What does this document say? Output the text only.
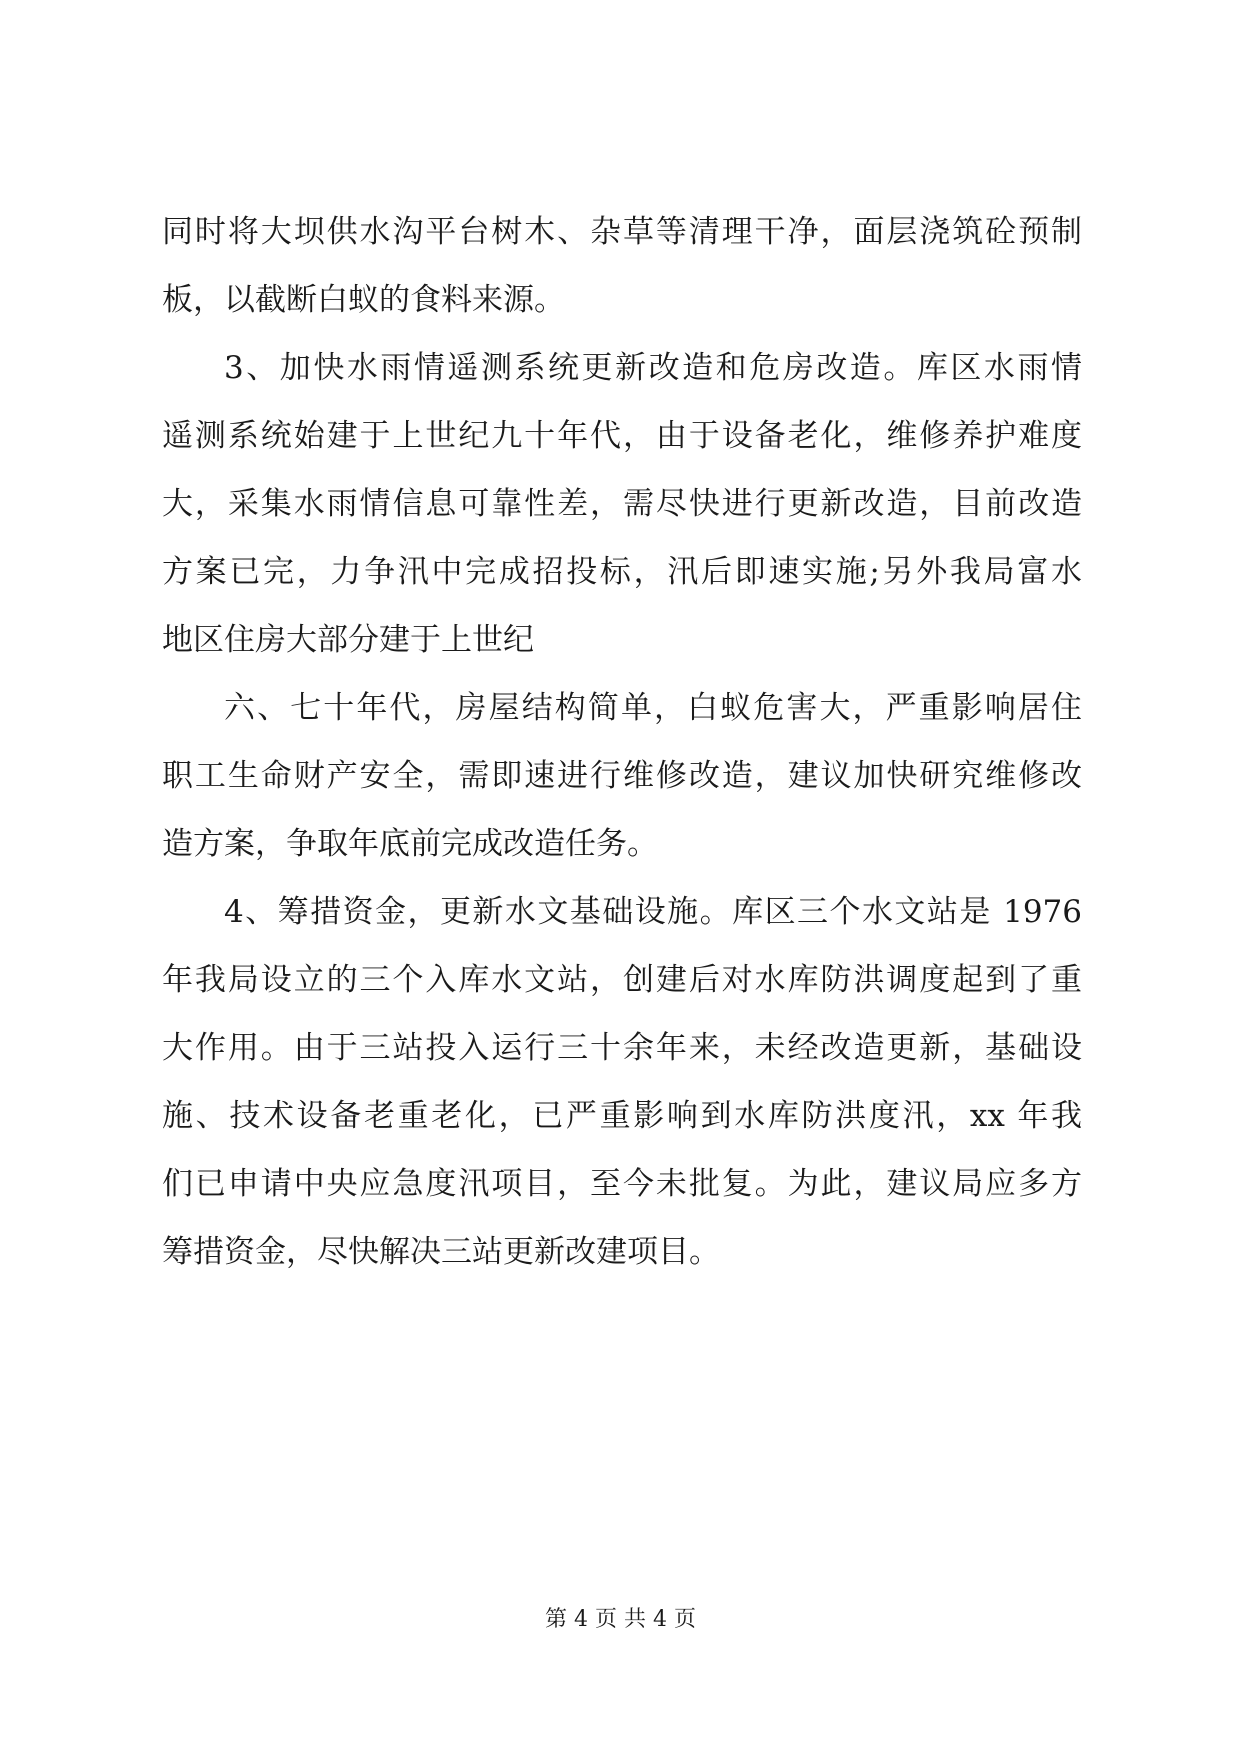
同时将大坝供水沟平台树木、杂草等清理干净，面层浇筑砼预制
板，以截断白蚁的食料来源。
3、加快水雨情遥测系统更新改造和危房改造。库区水雨情
遥测系统始建于上世纪九十年代，由于设备老化，维修养护难度
大，采集水雨情信息可靠性差，需尽快进行更新改造，目前改造
方案已完，力争汛中完成招投标，汛后即速实施;另外我局富水
地区住房大部分建于上世纪
六、七十年代，房屋结构简单，白蚁危害大，严重影响居住
职工生命财产安全，需即速进行维修改造，建议加快研究维修改
造方案，争取年底前完成改造任务。
4、筹措资金，更新水文基础设施。库区三个水文站是 1976
年我局设立的三个入库水文站，创建后对水库防洪调度起到了重
大作用。由于三站投入运行三十余年来，未经改造更新，基础设
施、技术设备老重老化，已严重影响到水库防洪度汛，xx 年我
们已申请中央应急度汛项目，至今未批复。为此，建议局应多方
筹措资金，尽快解决三站更新改建项目。
第 4 页 共 4 页
